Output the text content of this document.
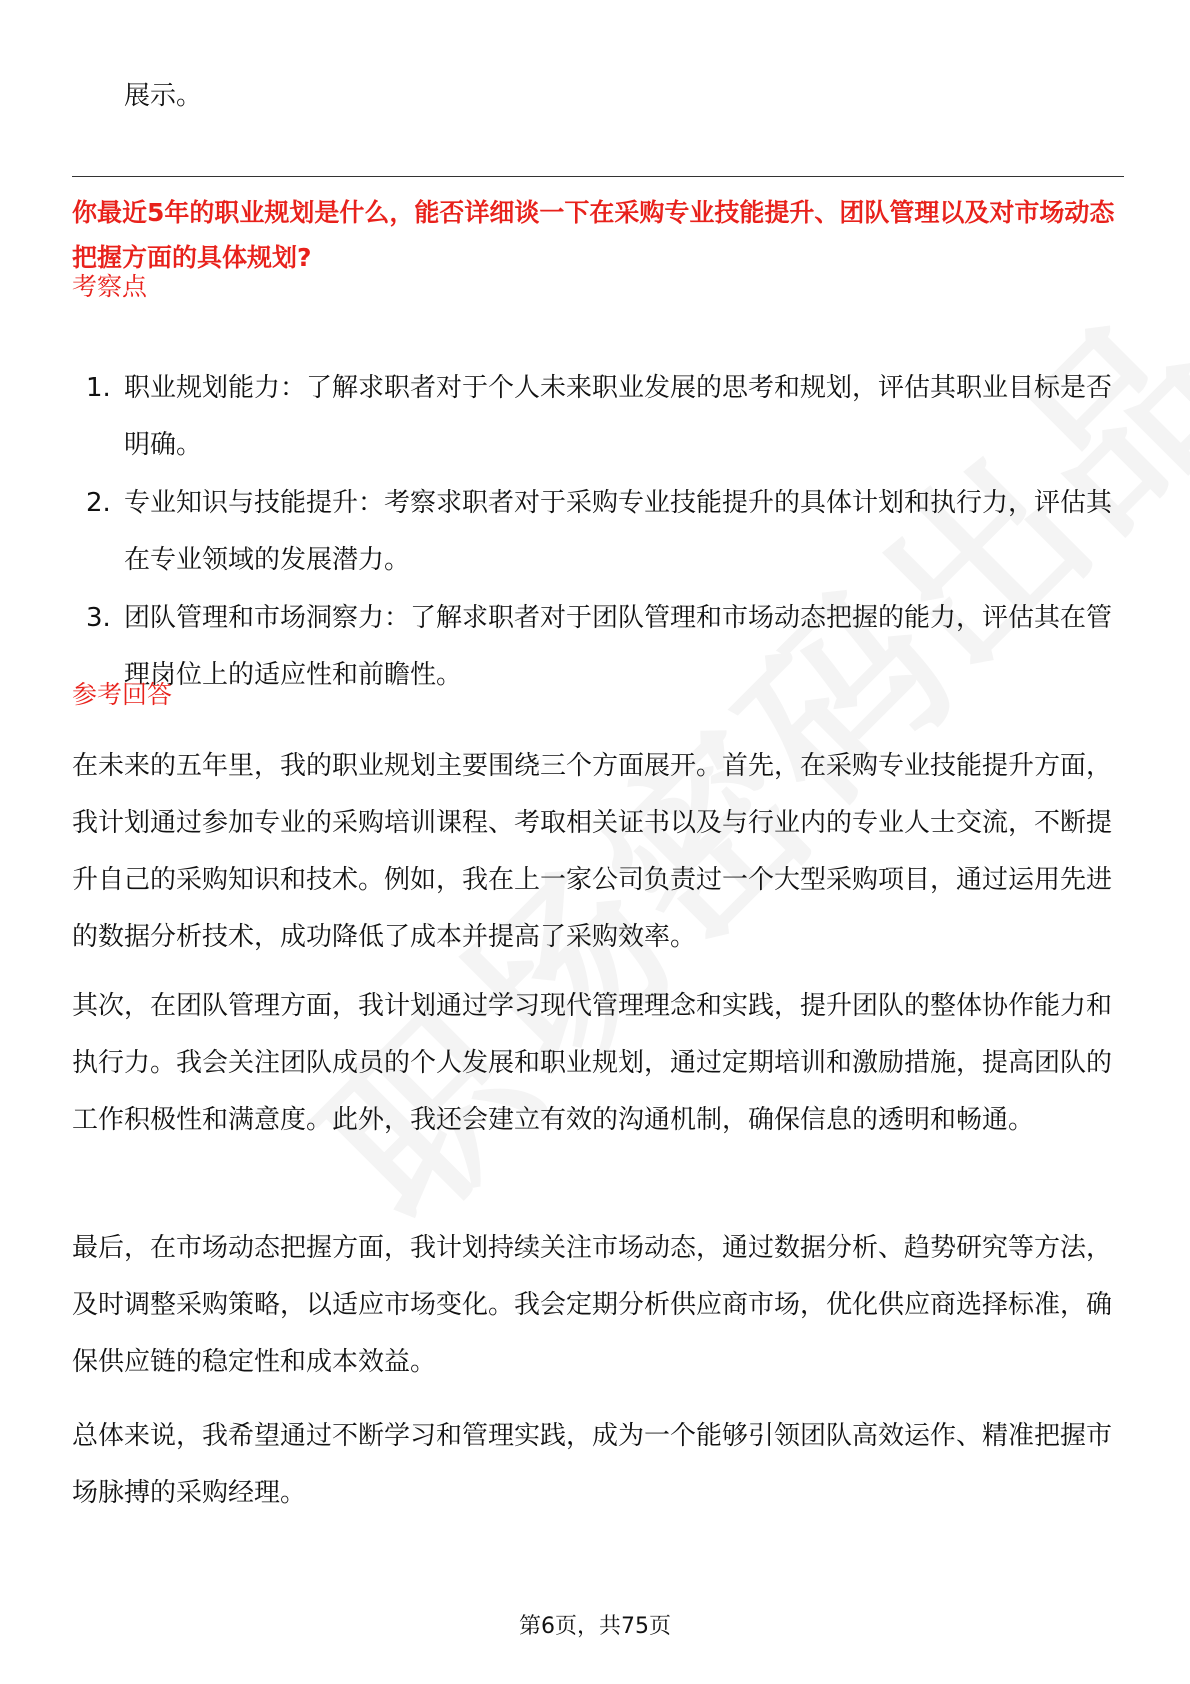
展示。
你最近5年的职业规划是什么，能否详细谈一下在采购专业技能提升、团队管理以及对市场动态把握方面的具体规划?
考察点
1. 职业规划能力：了解求职者对于个人未来职业发展的思考和规划，评估其职业目标是否明确。
2. 专业知识与技能提升：考察求职者对于采购专业技能提升的具体计划和执行力，评估其在专业领域的发展潜力。
3. 团队管理和市场洞察力：了解求职者对于团队管理和市场动态把握的能力，评估其在管理岗位上的适应性和前瞻性。
参考回答

在未来的五年里，我的职业规划主要围绕三个方面展开。首先，在采购专业技能提升方面，我计划通过参加专业的采购培训课程、考取相关证书以及与行业内的专业人士交流，不断提升自己的采购知识和技术。例如，我在上一家公司负责过一个大型采购项目，通过运用先进的数据分析技术，成功降低了成本并提高了采购效率。

其次，在团队管理方面，我计划通过学习现代管理理念和实践，提升团队的整体协作能力和执行力。我会关注团队成员的个人发展和职业规划，通过定期培训和激励措施，提高团队的工作积极性和满意度。此外，我还会建立有效的沟通机制，确保信息的透明和畅通。

最后，在市场动态把握方面，我计划持续关注市场动态，通过数据分析、趋势研究等方法，及时调整采购策略，以适应市场变化。我会定期分析供应商市场，优化供应商选择标准，确保供应链的稳定性和成本效益。

总体来说，我希望通过不断学习和管理实践，成为一个能够引领团队高效运作、精准把握市场脉搏的采购经理。

第6页，共75页
